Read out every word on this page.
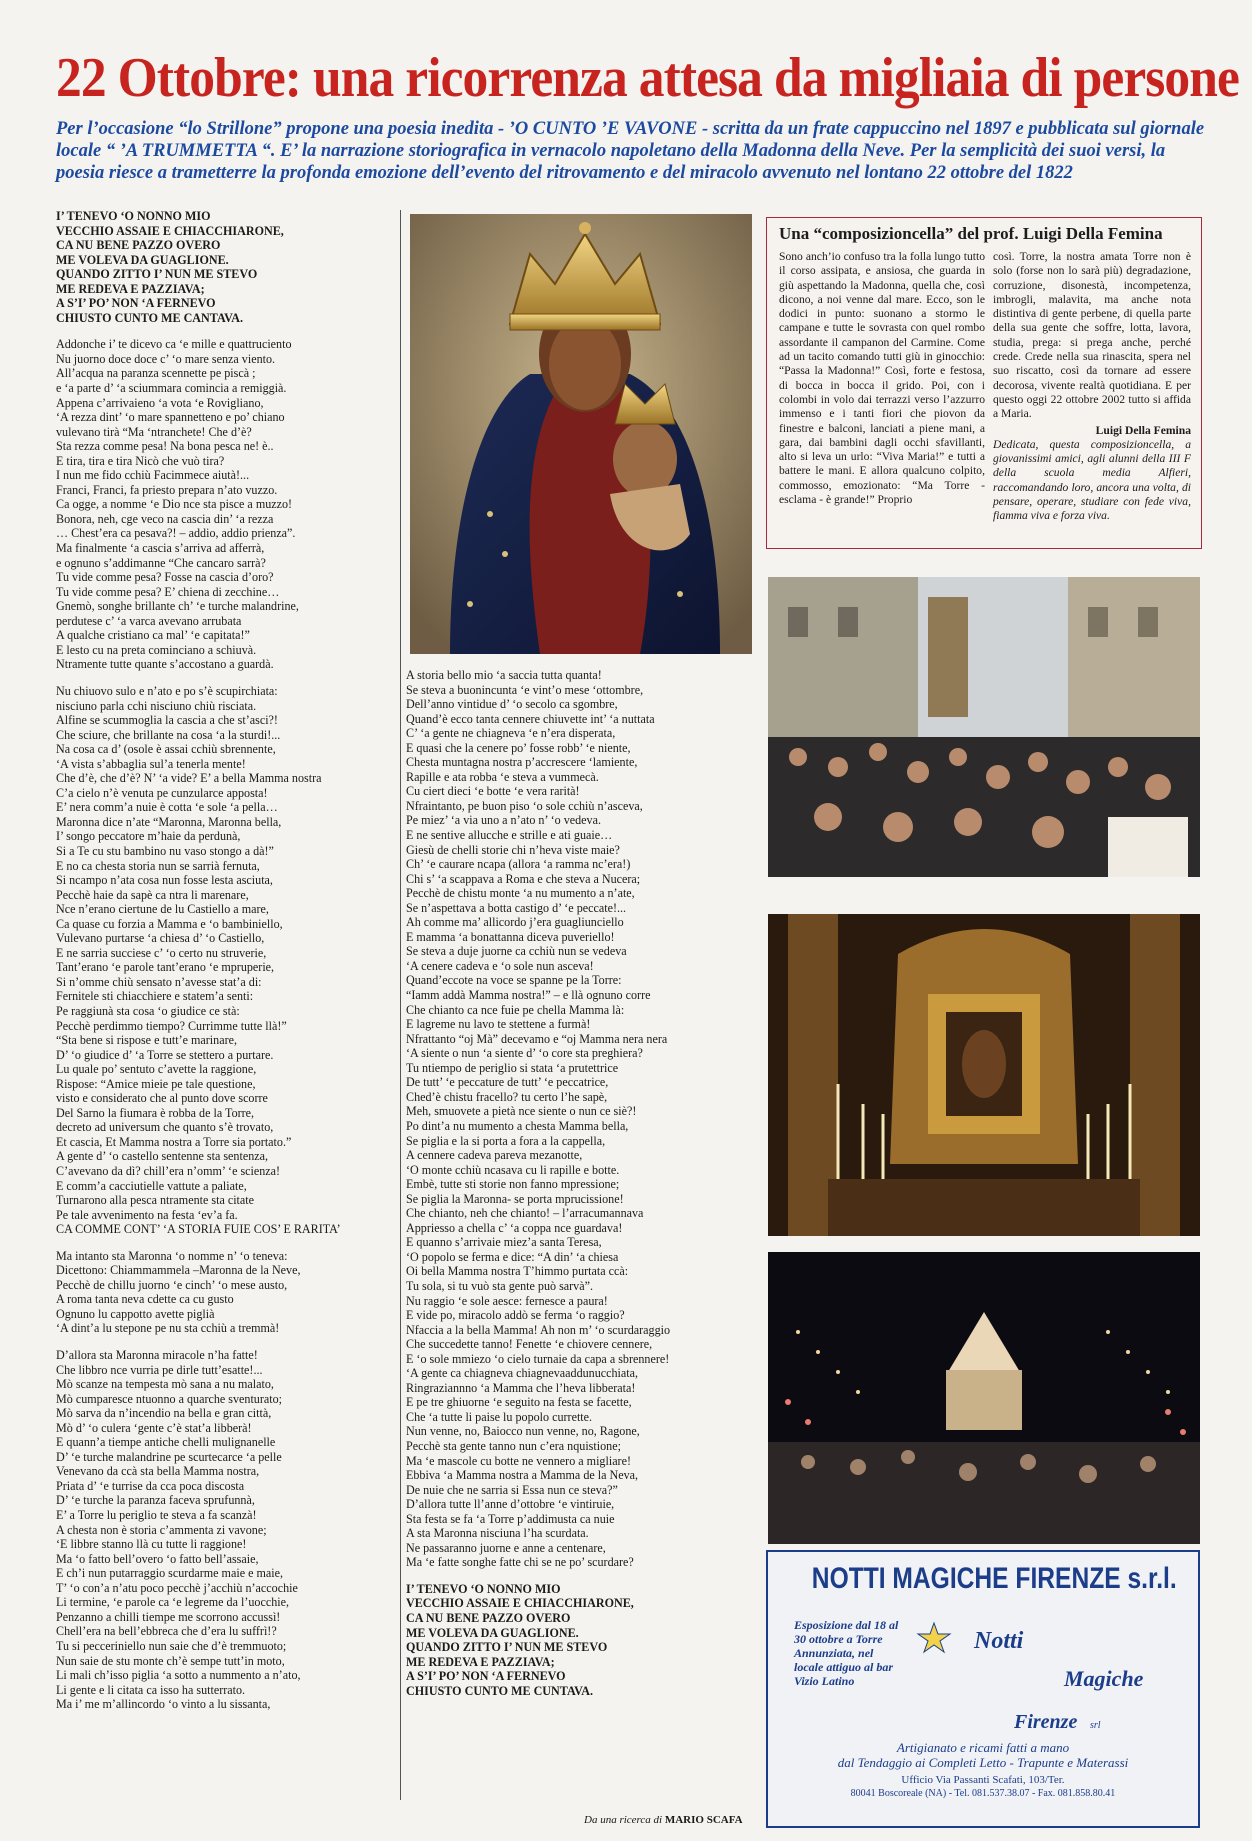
22 Ottobre: una ricorrenza attesa da migliaia di persone
Per l’occasione “lo Strillone” propone una poesia inedita - ’O CUNTO ’E VAVONE - scritta da un frate cappuccino nel 1897 e pubblicata sul giornale locale “ ’A TRUMMETTA “. E’ la narrazione storiografica in vernacolo napoletano della Madonna della Neve. Per la semplicità dei suoi versi, la poesia riesce a trametterre la profonda emozione dell’evento del ritrovamento e del miracolo avvenuto nel lontano 22 ottobre del 1822

I’ TENEVO ‘O NONNO MIO

VECCHIO ASSAIE E CHIACCHIARONE,

CA NU BENE PAZZO OVERO

ME VOLEVA DA GUAGLIONE.

QUANDO ZITTO I’ NUN ME STEVO

ME REDEVA E PAZZIAVA;

A S’I’ PO’ NON ‘A FERNEVO

CHIUSTO CUNTO ME CANTAVA.

Addonche i’ te dicevo ca ‘e mille e quattruciento

Nu juorno doce doce c’ ‘o mare senza viento.

All’acqua na paranza scennette pe piscà ;

e ‘a parte d’ ‘a sciummara comincia a remiggià.

Appena c’arrivaieno ‘a vota ‘e Rovigliano,

‘A rezza dint’ ‘o mare spannetteno e po’ chiano

vulevano tirà “Ma ‘ntranchete! Che d’è?

Sta rezza comme pesa! Na bona pesca ne! è..

E tira, tira e tira Nicò che vuò tira?

I nun me fido cchiù Facimmece aiutà!...

Franci, Franci, fa priesto prepara n’ato vuzzo.

Ca ogge, a nomme ‘e Dio nce sta pisce a muzzo!

Bonora, neh, cge veco na cascia din’ ‘a rezza

… Chest’era ca pesava?! – addio, addio prienza”.

Ma finalmente ‘a cascia s’arriva ad afferrà,

e ognuno s’addimanne “Che cancaro sarrà?

Tu vide comme pesa? Fosse na cascia d’oro?

Tu vide comme pesa? E’ chiena di zecchine…

Gnemò, songhe brillante ch’ ‘e turche malandrine,

perdutese c’ ‘a varca avevano arrubata

A qualche cristiano ca mal’ ‘e capitata!”

E lesto cu na preta cominciano a schiuvà.

Ntramente tutte quante s’accostano a guardà.

Nu chiuovo sulo e n’ato e po s’è scupirchiata:

nisciuno parla cchi nisciuno chiù risciata.

Alfine se scummoglia la cascia a che st’asci?!

Che sciure, che brillante na cosa ‘a la sturdi!...

Na cosa ca d’ (osole è assai cchiù sbrennente,

‘A vista s’abbaglia sul’a tenerla mente!

Che d’è, che d’è? N’ ‘a vide? E’ a bella Mamma nostra

C’a cielo n’è venuta pe cunzularce apposta!

E’ nera comm’a nuie è cotta ‘e sole ‘a pella…

Maronna dice n’ate “Maronna, Maronna bella,

I’ songo peccatore m’haie da perdunà,

Si a Te cu stu bambino nu vaso stongo a dà!”

E no ca chesta storia nun se sarrià fernuta,

Si ncampo n’ata cosa nun fosse lesta asciuta,

Pecchè haie da sapè ca ntra li marenare,

Nce n’erano ciertune de lu Castiello a mare,

Ca quase cu forzia a Mamma e ‘o bambiniello,

Vulevano purtarse ‘a chiesa d’ ‘o Castiello,

E ne sarria succiese c’ ‘o certo nu struverie,

Tant’erano ‘e parole tant’erano ‘e mpruperie,

Si n’omme chiù sensato n’avesse stat’a di:

Fernitele sti chiacchiere e statem’a senti:

Pe raggiunà sta cosa ‘o giudice ce stà:

Pecchè perdimmo tiempo? Currimme tutte llà!”

“Sta bene si rispose e tutt’e marinare,

D’ ‘o giudice d’ ‘a Torre se stettero a purtare.

Lu quale po’ sentuto c’avette la raggione,

Rispose: “Amice mieie pe tale questione,

visto e considerato che al punto dove scorre

Del Sarno la fiumara è robba de la Torre,

decreto ad universum che quanto s’è trovato,

Et cascia, Et Mamma nostra a Torre sia portato.”

A gente d’ ‘o castello sentenne sta sentenza,

C’avevano da dì? chill’era n’omm’ ‘e scienza!

E comm’a cacciutielle vattute a paliate,

Turnarono alla pesca ntramente sta citate

Pe tale avvenimento na festa ‘ev’a fa.

CA COMME CONT’ ‘A STORIA FUIE COS’ E RARITA’

Ma intanto sta Maronna ‘o nomme n’ ‘o teneva:

Dicettono: Chiammammela –Maronna de la Neve,

Pecchè de chillu juorno ‘e cinch’ ‘o mese austo,

A roma tanta neva cdette ca cu gusto

Ognuno lu cappotto avette piglià

‘A dint’a lu stepone pe nu sta cchiù a tremmà!

D’allora sta Maronna miracole n’ha fatte!

Che libbro nce vurria pe dirle tutt’esatte!...

Mò scanze na tempesta mò sana a nu malato,

Mò cumparesce ntuonno a quarche sventurato;

Mò sarva da n’incendio na bella e gran città,

Mò d’ ‘o culera ‘gente c’è stat’a libberà!

E quann’a tiempe antiche chelli mulignanelle

D’ ‘e turche malandrine pe scurtecarce ‘a pelle

Venevano da ccà sta bella Mamma nostra,

Priata d’ ‘e turrise da cca poca discosta

D’ ‘e turche la paranza faceva sprufunnà,

E’ a Torre lu periglio te steva a fa scanzà!

A chesta non è storia c’ammenta zi vavone;

‘E libbre stanno llà cu tutte li raggione!

Ma ‘o fatto bell’overo ‘o fatto bell’assaie,

E ch’i nun putarraggio scurdarme maie e maie,

T’ ‘o con’a n’atu poco pecchè j’acchiù n’accochie

Li termine, ‘e parole ca ‘e legreme da l’uocchie,

Penzanno a chilli tiempe me scorrono accussì!

Chell’era na bell’ebbreca che d’era lu suffrì!?

Tu si pecceriniello nun saie che d’è tremmuoto;

Nun saie de stu monte ch’è sempe tutt’in moto,

Li mali ch’isso piglia ‘a sotto a nummento a n’ato,

Li gente e li citata ca isso ha sutterrato.

Ma i’ me m’allincordo ‘o vinto a lu sissanta,

A storia bello mio ‘a saccia tutta quanta!

Se steva a buonincunta ‘e vint’o mese ‘ottombre,

Dell’anno vintidue d’ ‘o secolo ca sgombre,

Quand’è ecco tanta cennere chiuvette int’ ‘a nuttata

C’ ‘a gente ne chiagneva ‘e n’era disperata,

E quasi che la cenere po’ fosse robb’ ‘e niente,

Chesta muntagna nostra p’accrescere ‘lamiente,

Rapille e ata robba ‘e steva a vummecà.

Cu ciert dieci ‘e botte ‘e vera rarità!

Nfraintanto, pe buon piso ‘o sole cchiù n’asceva,

Pe miez’ ‘a via uno a n’ato n’ ‘o vedeva.

E ne sentive allucche e strille e ati guaie…

Giesù de chelli storie chi n’heva viste maie?

Ch’ ‘e caurare ncapa (allora ‘a ramma nc’era!)

Chi s’ ‘a scappava a Roma e che steva a Nucera;

Pecchè de chistu monte ‘a nu mumento a n’ate,

Se n’aspettava a botta castigo d’ ‘e peccate!...

Ah comme ma’ allicordo j’era guagliunciello

E mamma ‘a bonattanna diceva puveriello!

Se steva a duje juorne ca cchiù nun se vedeva

‘A cenere cadeva e ‘o sole nun asceva!

Quand’eccote na voce se spanne pe la Torre:

“Iamm addà Mamma nostra!” – e llà ognuno corre

Che chianto ca nce fuie pe chella Mamma là:

E lagreme nu lavo te stettene a furmà!

Nfrattanto “oj Mà” decevamo e “oj Mamma nera nera

‘A siente o nun ‘a siente d’ ‘o core sta preghiera?

Tu ntiempo de periglio si stata ‘a prutettrice

De tutt’ ‘e peccature de tutt’ ‘e peccatrice,

Ched’è chistu fracello? tu certo l’he sapè,

Meh, smuovete a pietà nce siente o nun ce siè?!

Po dint’a nu mumento a chesta Mamma bella,

Se piglia e la si porta a fora a la cappella,

A cennere cadeva pareva mezanotte,

‘O monte cchiù ncasava cu li rapille e botte.

Embè, tutte sti storie non fanno mpressione;

Se piglia la Maronna- se porta mprucissione!

Che chianto, neh che chianto! – l’arracumannava

Appriesso a chella c’ ‘a coppa nce guardava!

E quanno s’arrivaie miez’a santa Teresa,

‘O popolo se ferma e dice: “A din’ ‘a chiesa

Oi bella Mamma nostra T’himmo purtata ccà:

Tu sola, si tu vuò sta gente può sarvà”.

Nu raggio ‘e sole aesce: fernesce a paura!

E vide po, miracolo addò se ferma ‘o raggio?

Nfaccia a la bella Mamma! Ah non m’ ‘o scurdaraggio

Che succedette tanno! Fenette ‘e chiovere cennere,

E ‘o sole mmiezo ‘o cielo turnaie da capa a sbrennere!

‘A gente ca chiagneva chiagnevaaddunucchiata,

Ringraziannno ‘a Mamma che l’heva libberata!

E pe tre ghiuorne ‘e seguito na festa se facette,

Che ‘a tutte li paise lu popolo currette.

Nun venne, no, Baiocco nun venne, no, Ragone,

Pecchè sta gente tanno nun c’era nquistione;

Ma ‘e mascole cu botte ne vennero a migliare!

Ebbiva ‘a Mamma nostra a Mamma de la Neva,

De nuie che ne sarria si Essa nun ce steva?”

D’allora tutte ll’anne d’ottobre ‘e vintiruie,

Sta festa se fa ‘a Torre p’addimusta ca nuie

A sta Maronna nisciuna l’ha scurdata.

Ne passaranno juorne e anne a centenare,

Ma ‘e fatte songhe fatte chi se ne po’ scurdare?

I’ TENEVO ‘O NONNO MIO

VECCHIO ASSAIE E CHIACCHIARONE,

CA NU BENE PAZZO OVERO

ME VOLEVA DA GUAGLIONE.

QUANDO ZITTO I’ NUN ME STEVO

ME REDEVA E PAZZIAVA;

A S’I’ PO’ NON ‘A FERNEVO

CHIUSTO CUNTO ME CUNTAVA.

Da una ricerca di MARIO SCAFA
Una “composizioncella” del prof. Luigi Della Femina
Sono anch’io confuso tra la folla lungo tutto il corso assipata, e ansiosa, che guarda in giù aspettando la Madonna, quella che, così dicono, a noi venne dal mare. Ecco, son le dodici in punto: suonano a stormo le campane e tutte le sovrasta con quel rombo assordante il campanon del Carmine. Come ad un tacito comando tutti giù in ginocchio: “Passa la Madonna!” Così, forte e festosa, di bocca in bocca il grido. Poi, con i colombi in volo dai terrazzi verso l’azzurro immenso e i tanti fiori che piovon da finestre e balconi, lanciati a piene mani, a gara, dai bambini dagli occhi sfavillanti, alto si leva un urlo: “Viva Maria!” e tutti a battere le mani. E allora qualcuno colpito, commosso, emozionato: “Ma Torre - esclama - è grande!” Proprio
così. Torre, la nostra amata Torre non è solo (forse non lo sarà più) degradazione, corruzione, disonestà, incompetenza, imbrogli, malavita, ma anche nota distintiva di gente perbene, di quella parte della sua gente che soffre, lotta, lavora, studia, prega: si prega anche, perché crede. Crede nella sua rinascita, spera nel suo riscatto, così da tornare ad essere decorosa, vivente realtà quotidiana. E per questo oggi 22 ottobre 2002 tutto si affida a Maria.
Luigi Della Femina
Dedicata, questa composizioncella, a giovanissimi amici, agli alunni della III F della scuola media Alfieri, raccomandando loro, ancora una volta, di pensare, operare, studiare con fede viva, fiamma viva e forza viva.
NOTTI MAGICHE FIRENZE s.r.l.
Esposizione dal 18 al 30 ottobre a Torre Annunziata, nel locale attiguo al bar Vizio Latino
Notti
Magiche
Firenze srl
Artigianato e ricami fatti a mano
dal Tendaggio ai Completi Letto - Trapunte e Materassi
Ufficio Via Passanti Scafati, 103/Ter.
80041 Boscoreale (NA) - Tel. 081.537.38.07 - Fax. 081.858.80.41
